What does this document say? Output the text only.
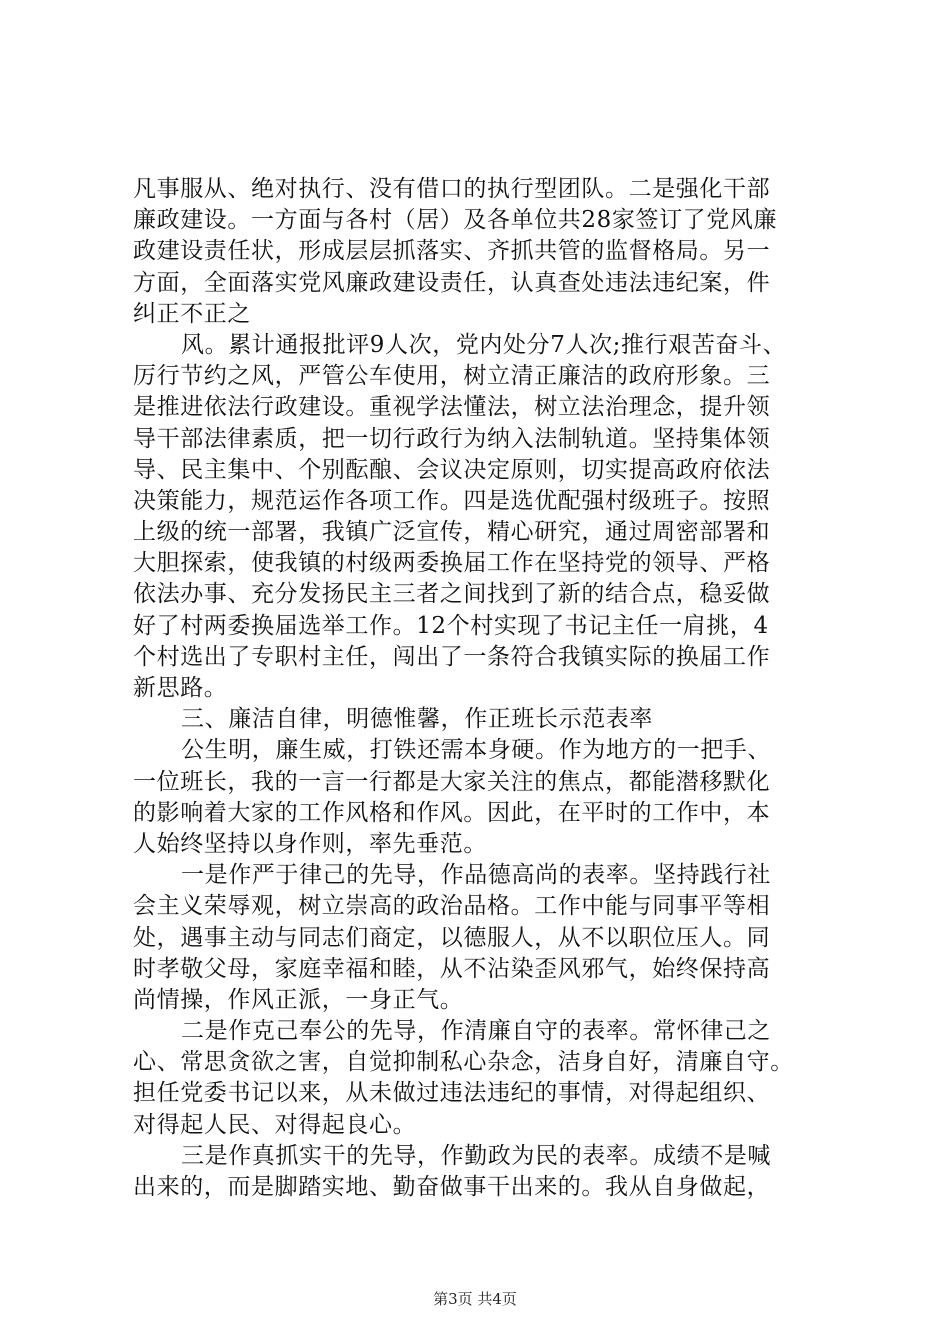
凡事服从、绝对执行、没有借口的执行型团队。二是强化干部
廉政建设。一方面与各村（居）及各单位共28家签订了党风廉
政建设责任状，形成层层抓落实、齐抓共管的监督格局。另一
方面，全面落实党风廉政建设责任，认真查处违法违纪案，件
纠正不正之
风。累计通报批评9人次，党内处分7人次;推行艰苦奋斗、
厉行节约之风，严管公车使用，树立清正廉洁的政府形象。三
是推进依法行政建设。重视学法懂法，树立法治理念，提升领
导干部法律素质，把一切行政行为纳入法制轨道。坚持集体领
导、民主集中、个别酝酿、会议决定原则，切实提高政府依法
决策能力，规范运作各项工作。四是选优配强村级班子。按照
上级的统一部署，我镇广泛宣传，精心研究，通过周密部署和
大胆探索，使我镇的村级两委换届工作在坚持党的领导、严格
依法办事、充分发扬民主三者之间找到了新的结合点，稳妥做
好了村两委换届选举工作。12个村实现了书记主任一肩挑，4
个村选出了专职村主任，闯出了一条符合我镇实际的换届工作
新思路。
三、廉洁自律，明德惟馨，作正班长示范表率
公生明，廉生威，打铁还需本身硬。作为地方的一把手、
一位班长，我的一言一行都是大家关注的焦点，都能潜移默化
的影响着大家的工作风格和作风。因此，在平时的工作中，本
人始终坚持以身作则，率先垂范。
一是作严于律己的先导，作品德高尚的表率。坚持践行社
会主义荣辱观，树立崇高的政治品格。工作中能与同事平等相
处，遇事主动与同志们商定，以德服人，从不以职位压人。同
时孝敬父母，家庭幸福和睦，从不沾染歪风邪气，始终保持高
尚情操，作风正派，一身正气。
二是作克己奉公的先导，作清廉自守的表率。常怀律己之
心、常思贪欲之害，自觉抑制私心杂念，洁身自好，清廉自守。
担任党委书记以来，从未做过违法违纪的事情，对得起组织、
对得起人民、对得起良心。
三是作真抓实干的先导，作勤政为民的表率。成绩不是喊
出来的，而是脚踏实地、勤奋做事干出来的。我从自身做起，
第3页 共4页
